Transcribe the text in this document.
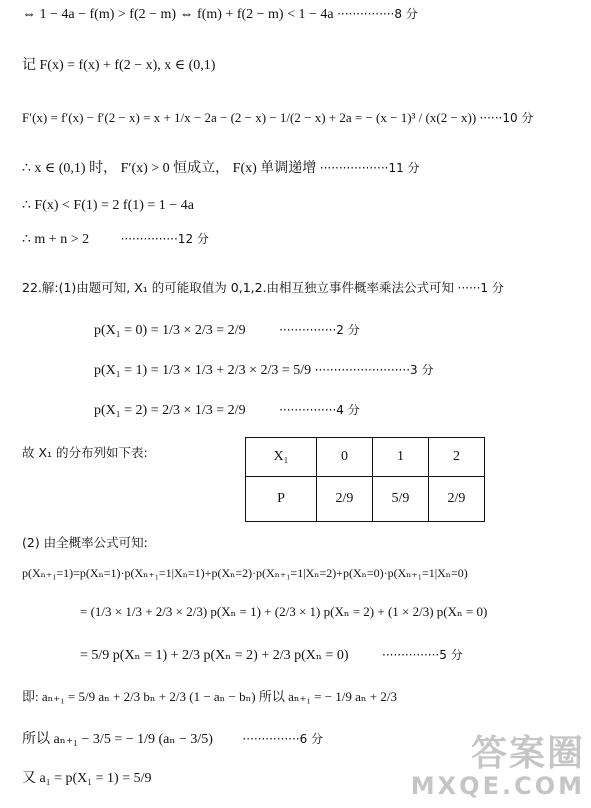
⇔ 1 − 4a − f(m) > f(2 − m) ⇔ f(m) + f(2 − m) < 1 − 4a ···············8 分
记 F(x) = f(x) + f(2 − x), x ∈ (0,1)
F′(x) = f′(x) − f′(2 − x) = x + 1/x − 2a − (2 − x) − 1/(2 − x) + 2a = − (x − 1)³ / (x(2 − x)) ······10 分
∴ x ∈ (0,1) 时， F′(x) > 0 恒成立， F(x) 单调递增 ··················11 分
∴ F(x) < F(1) = 2 f(1) = 1 − 4a
∴ m + n > 2	···············12 分
22.解:(1)由题可知, X₁ 的可能取值为 0,1,2.由相互独立事件概率乘法公式可知 ······1 分
p(X₁ = 0) = 1/3 × 2/3 = 2/9	···············2 分
p(X₁ = 1) = 1/3 × 1/3 + 2/3 × 2/3 = 5/9 ·························3 分
p(X₁ = 2) = 2/3 × 1/3 = 2/9	···············4 分
故 X₁ 的分布列如下表:	X₁	0	1	2
P	2/9	5/9	2/9
(2) 由全概率公式可知:
p(Xₙ₊₁=1)=p(Xₙ=1)·p(Xₙ₊₁=1|Xₙ=1)+p(Xₙ=2)·p(Xₙ₊₁=1|Xₙ=2)+p(Xₙ=0)·p(Xₙ₊₁=1|Xₙ=0)
= (1/3 × 1/3 + 2/3 × 2/3) p(Xₙ = 1) + (2/3 × 1) p(Xₙ = 2) + (1 × 2/3) p(Xₙ = 0)
= 5/9 p(Xₙ = 1) + 2/3 p(Xₙ = 2) + 2/3 p(Xₙ = 0)	···············5 分
即: aₙ₊₁ = 5/9 aₙ + 2/3 bₙ + 2/3 (1 − aₙ − bₙ) 所以 aₙ₊₁ = − 1/9 aₙ + 2/3
所以 aₙ₊₁ − 3/5 = − 1/9 (aₙ − 3/5) ···············6 分
又 a₁ = p(X₁ = 1) = 5/9
答案圈
MXQE.COM
